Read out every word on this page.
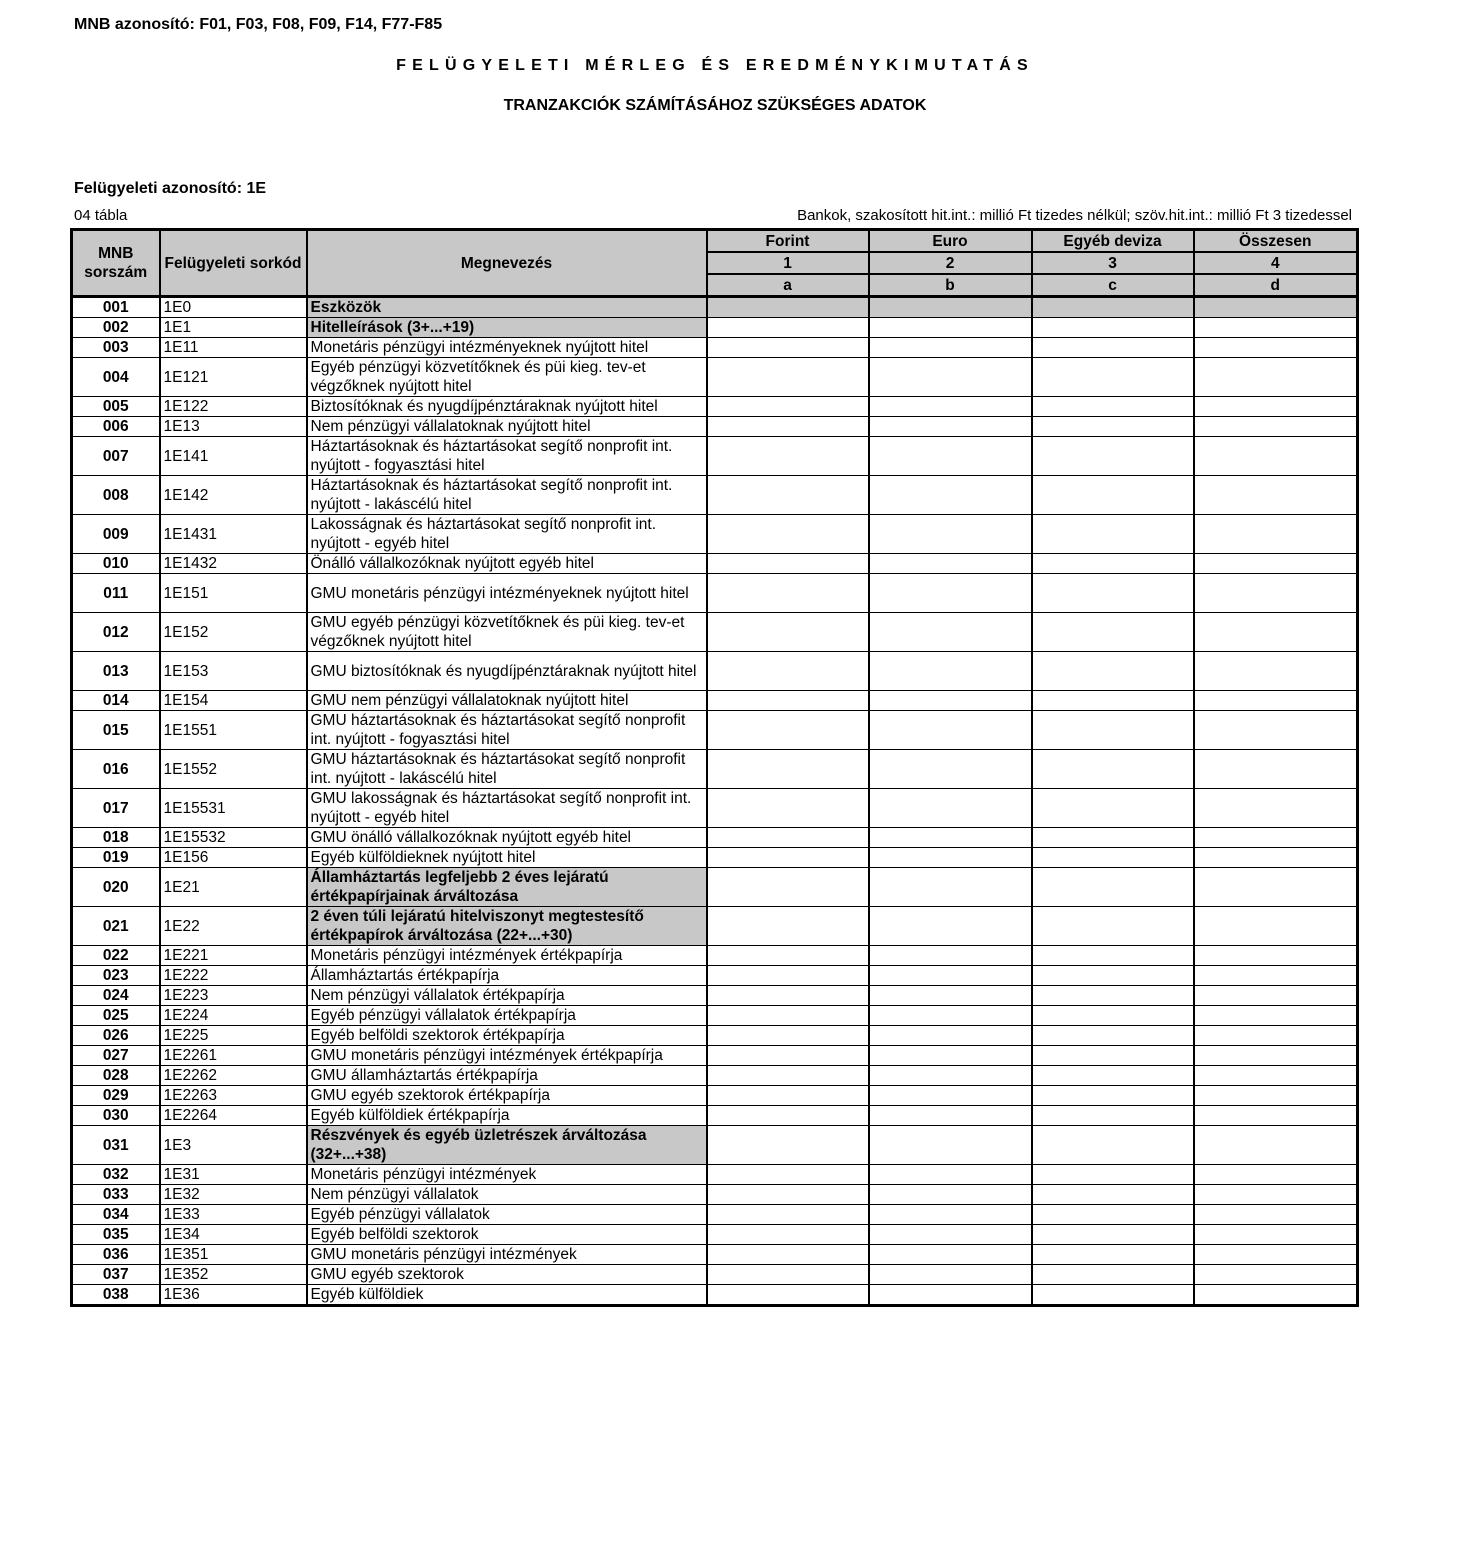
MNB azonosító: F01, F03, F08, F09, F14, F77-F85
FELÜGYELETI MÉRLEG ÉS EREDMÉNYKIMUTATÁS
TRANZAKCIÓK SZÁMÍTÁSÁHOZ SZÜKSÉGES ADATOK
Felügyeleti azonosító: 1E
04 tábla	Bankok, szakosított hit.int.: millió Ft tizedes nélkül; szöv.hit.int.: millió Ft 3 tizedessel
MNB sorszám	Felügyeleti sorkód	Megnevezés	Forint	Euro	Egyéb deviza	Összesen
			1	2	3	4
			a	b	c	d
001	1E0	Eszközök				
002	1E1	Hitelleírások (3+...+19)				
003	1E11	Monetáris pénzügyi intézményeknek nyújtott hitel				
004	1E121	Egyéb pénzügyi közvetítőknek és püi kieg. tev-et végzőknek nyújtott hitel				
005	1E122	Biztosítóknak és nyugdíjpénztáraknak nyújtott hitel				
006	1E13	Nem pénzügyi vállalatoknak nyújtott hitel				
007	1E141	Háztartásoknak és háztartásokat segítő nonprofit int. nyújtott - fogyasztási hitel				
008	1E142	Háztartásoknak és háztartásokat segítő nonprofit int. nyújtott - lakáscélú hitel				
009	1E1431	Lakosságnak és háztartásokat segítő nonprofit int. nyújtott - egyéb hitel				
010	1E1432	Önálló vállalkozóknak nyújtott egyéb hitel				
011	1E151	GMU monetáris pénzügyi intézményeknek nyújtott hitel				
012	1E152	GMU egyéb pénzügyi közvetítőknek és püi kieg. tev-et végzőknek nyújtott hitel				
013	1E153	GMU biztosítóknak és nyugdíjpénztáraknak nyújtott hitel				
014	1E154	GMU nem pénzügyi vállalatoknak nyújtott hitel				
015	1E1551	GMU háztartásoknak és háztartásokat segítő nonprofit int. nyújtott - fogyasztási hitel				
016	1E1552	GMU háztartásoknak és háztartásokat segítő nonprofit int. nyújtott - lakáscélú hitel				
017	1E15531	GMU lakosságnak és háztartásokat segítő nonprofit int. nyújtott - egyéb hitel				
018	1E15532	GMU önálló vállalkozóknak nyújtott egyéb hitel				
019	1E156	Egyéb külföldieknek nyújtott hitel				
020	1E21	Államháztartás legfeljebb 2 éves lejáratú értékpapírjainak árváltozása				
021	1E22	2 éven túli lejáratú hitelviszonyt megtestesítő értékpapírok árváltozása (22+...+30)				
022	1E221	Monetáris pénzügyi intézmények értékpapírja				
023	1E222	Államháztartás értékpapírja				
024	1E223	Nem pénzügyi vállalatok értékpapírja				
025	1E224	Egyéb pénzügyi vállalatok értékpapírja				
026	1E225	Egyéb belföldi szektorok értékpapírja				
027	1E2261	GMU monetáris pénzügyi intézmények értékpapírja				
028	1E2262	GMU államháztartás értékpapírja				
029	1E2263	GMU egyéb szektorok értékpapírja				
030	1E2264	Egyéb külföldiek értékpapírja				
031	1E3	Részvények és egyéb üzletrészek árváltozása (32+...+38)				
032	1E31	Monetáris pénzügyi intézmények				
033	1E32	Nem pénzügyi vállalatok				
034	1E33	Egyéb pénzügyi vállalatok				
035	1E34	Egyéb belföldi szektorok				
036	1E351	GMU monetáris pénzügyi intézmények				
037	1E352	GMU egyéb szektorok				
038	1E36	Egyéb külföldiek				
